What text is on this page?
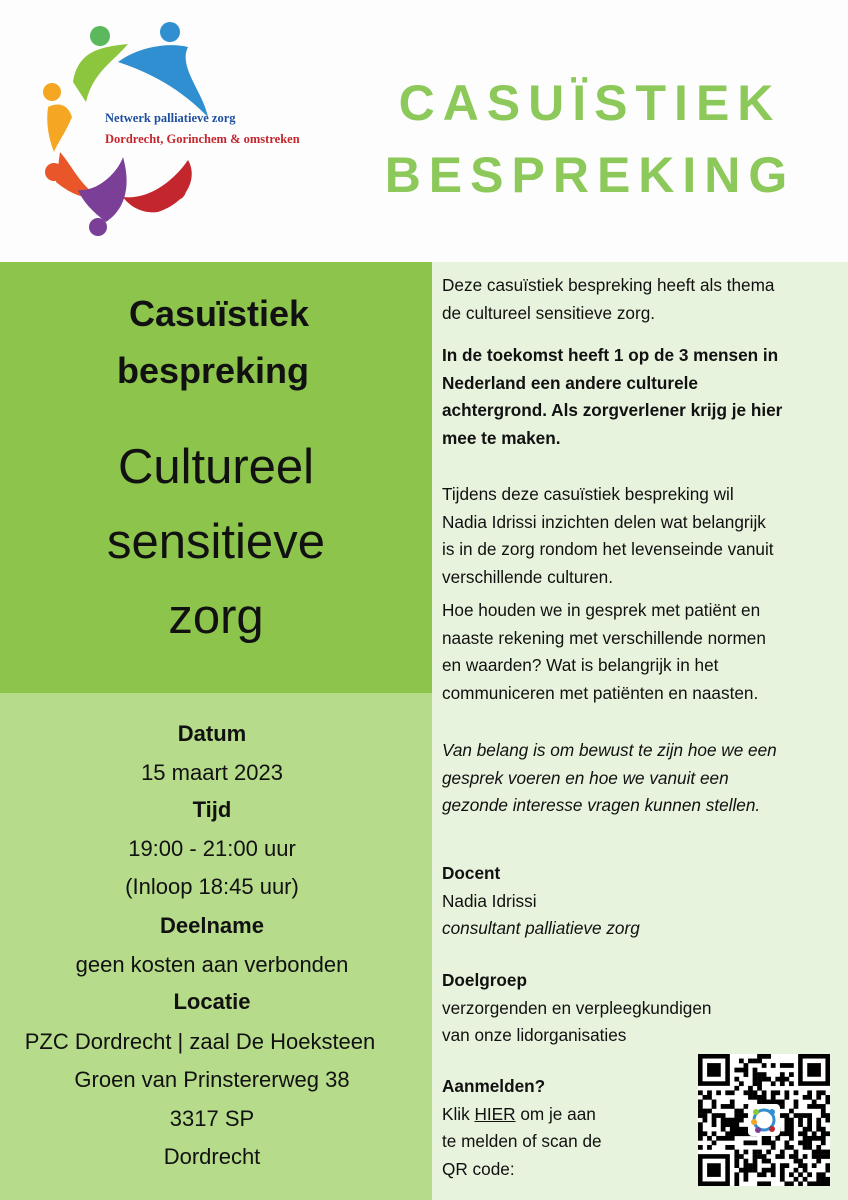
Netwerk palliatieve zorg
Dordrecht, Gorinchem & omstreken
CASUÏSTIEK
BESPREKING
Casuïstiek
bespreking
Cultureel
sensitieve
zorg
Datum
15 maart 2023
Tijd
19:00 - 21:00 uur
(Inloop 18:45 uur)
Deelname
geen kosten aan verbonden
Locatie
PZC Dordrecht | zaal De Hoeksteen
Groen van Prinstererweg 38
3317 SP
Dordrecht
Deze casuïstiek bespreking heeft als thema
de cultureel sensitieve zorg.
In de toekomst heeft 1 op de 3 mensen in
Nederland een andere culturele
achtergrond. Als zorgverlener krijg je hier
mee te maken.
Tijdens deze casuïstiek bespreking wil
Nadia Idrissi inzichten delen wat belangrijk
is in de zorg rondom het levenseinde vanuit
verschillende culturen.
Hoe houden we in gesprek met patiënt en
naaste rekening met verschillende normen
en waarden? Wat is belangrijk in het
communiceren met patiënten en naasten.
Van belang is om bewust te zijn hoe we een
gesprek voeren en hoe we vanuit een
gezonde interesse vragen kunnen stellen.
Docent
Nadia Idrissi
consultant palliatieve zorg
Doelgroep
verzorgenden en verpleegkundigen
van onze lidorganisaties
Aanmelden?
Klik HIER om je aan
te melden of scan de
QR code:
